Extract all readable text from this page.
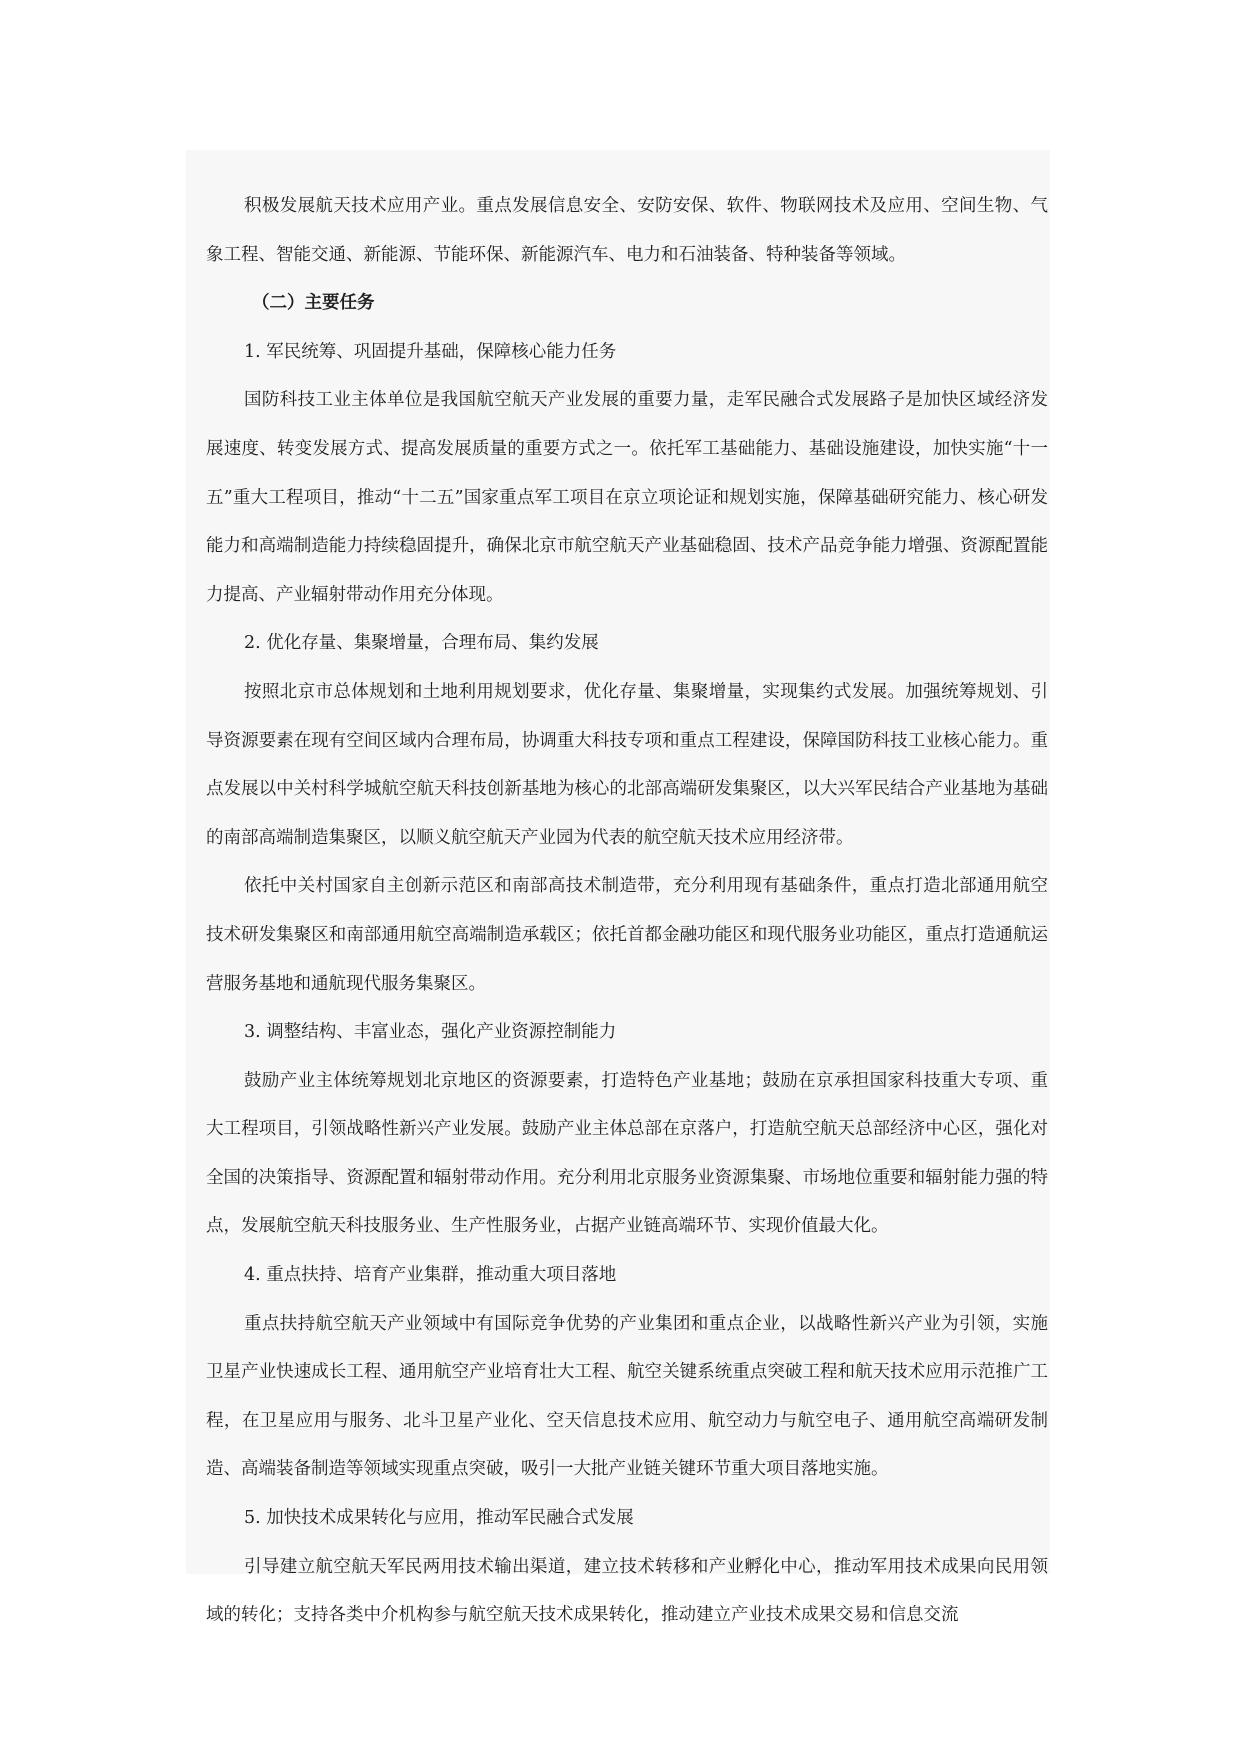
积极发展航天技术应用产业。重点发展信息安全、安防安保、软件、物联网技术及应用、空间生物、气象工程、智能交通、新能源、节能环保、新能源汽车、电力和石油装备、特种装备等领域。

（二）主要任务

1. 军民统筹、巩固提升基础，保障核心能力任务

国防科技工业主体单位是我国航空航天产业发展的重要力量，走军民融合式发展路子是加快区域经济发展速度、转变发展方式、提高发展质量的重要方式之一。依托军工基础能力、基础设施建设，加快实施“十一五”重大工程项目，推动“十二五”国家重点军工项目在京立项论证和规划实施，保障基础研究能力、核心研发能力和高端制造能力持续稳固提升，确保北京市航空航天产业基础稳固、技术产品竞争能力增强、资源配置能力提高、产业辐射带动作用充分体现。

2. 优化存量、集聚增量，合理布局、集约发展

按照北京市总体规划和土地利用规划要求，优化存量、集聚增量，实现集约式发展。加强统筹规划、引导资源要素在现有空间区域内合理布局，协调重大科技专项和重点工程建设，保障国防科技工业核心能力。重点发展以中关村科学城航空航天科技创新基地为核心的北部高端研发集聚区，以大兴军民结合产业基地为基础的南部高端制造集聚区，以顺义航空航天产业园为代表的航空航天技术应用经济带。

依托中关村国家自主创新示范区和南部高技术制造带，充分利用现有基础条件，重点打造北部通用航空技术研发集聚区和南部通用航空高端制造承载区；依托首都金融功能区和现代服务业功能区，重点打造通航运营服务基地和通航现代服务集聚区。

3. 调整结构、丰富业态，强化产业资源控制能力

鼓励产业主体统筹规划北京地区的资源要素，打造特色产业基地；鼓励在京承担国家科技重大专项、重大工程项目，引领战略性新兴产业发展。鼓励产业主体总部在京落户，打造航空航天总部经济中心区，强化对全国的决策指导、资源配置和辐射带动作用。充分利用北京服务业资源集聚、市场地位重要和辐射能力强的特点，发展航空航天科技服务业、生产性服务业，占据产业链高端环节、实现价值最大化。

4. 重点扶持、培育产业集群，推动重大项目落地

重点扶持航空航天产业领域中有国际竞争优势的产业集团和重点企业，以战略性新兴产业为引领，实施卫星产业快速成长工程、通用航空产业培育壮大工程、航空关键系统重点突破工程和航天技术应用示范推广工程，在卫星应用与服务、北斗卫星产业化、空天信息技术应用、航空动力与航空电子、通用航空高端研发制造、高端装备制造等领域实现重点突破，吸引一大批产业链关键环节重大项目落地实施。

5. 加快技术成果转化与应用，推动军民融合式发展

引导建立航空航天军民两用技术输出渠道，建立技术转移和产业孵化中心，推动军用技术成果向民用领域的转化；支持各类中介机构参与航空航天技术成果转化，推动建立产业技术成果交易和信息交流
